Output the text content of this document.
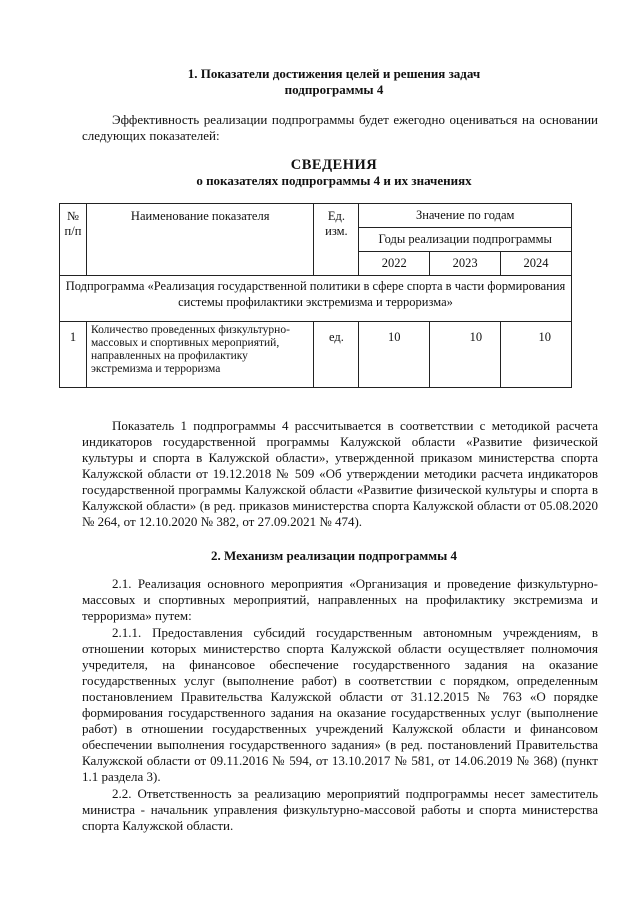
1. Показатели достижения целей и решения задач
подпрограммы 4
Эффективность реализации подпрограммы будет ежегодно оцениваться на основании следующих показателей:
СВЕДЕНИЯ
о показателях подпрограммы 4 и их значениях
№ п/п	Наименование показателя	Ед. изм.	Значение по годам		
			Годы реализации подпрограммы		
			2022	2023	2024
Подпрограмма «Реализация государственной политики в сфере спорта в части формирования системы профилактики экстремизма и терроризма»					
1	Количество проведенных физкультурно-массовых и спортивных мероприятий, направленных на профилактику экстремизма и терроризма	ед.	10	10	10
Показатель 1 подпрограммы 4 рассчитывается в соответствии с методикой расчета индикаторов государственной программы Калужской области «Развитие физической культуры и спорта в Калужской области», утвержденной приказом министерства спорта Калужской области от 19.12.2018 № 509 «Об утверждении методики расчета индикаторов государственной программы Калужской области «Развитие физической культуры и спорта в Калужской области» (в ред. приказов министерства спорта Калужской области от 05.08.2020 № 264, от 12.10.2020 № 382, от 27.09.2021 № 474).
2. Механизм реализации подпрограммы 4
2.1. Реализация основного мероприятия «Организация и проведение физкультурно-массовых и спортивных мероприятий, направленных на профилактику экстремизма и терроризма» путем:
2.1.1. Предоставления субсидий государственным автономным учреждениям, в отношении которых министерство спорта Калужской области осуществляет полномочия учредителя, на финансовое обеспечение государственного задания на оказание государственных услуг (выполнение работ) в соответствии с порядком, определенным постановлением Правительства Калужской области от 31.12.2015 № 763 «О порядке формирования государственного задания на оказание государственных услуг (выполнение работ) в отношении государственных учреждений Калужской области и финансовом обеспечении выполнения государственного задания» (в ред. постановлений Правительства Калужской области от 09.11.2016 № 594, от 13.10.2017 № 581, от 14.06.2019 № 368) (пункт 1.1 раздела 3).
2.2. Ответственность за реализацию мероприятий подпрограммы несет заместитель министра - начальник управления физкультурно-массовой работы и спорта министерства спорта Калужской области.
